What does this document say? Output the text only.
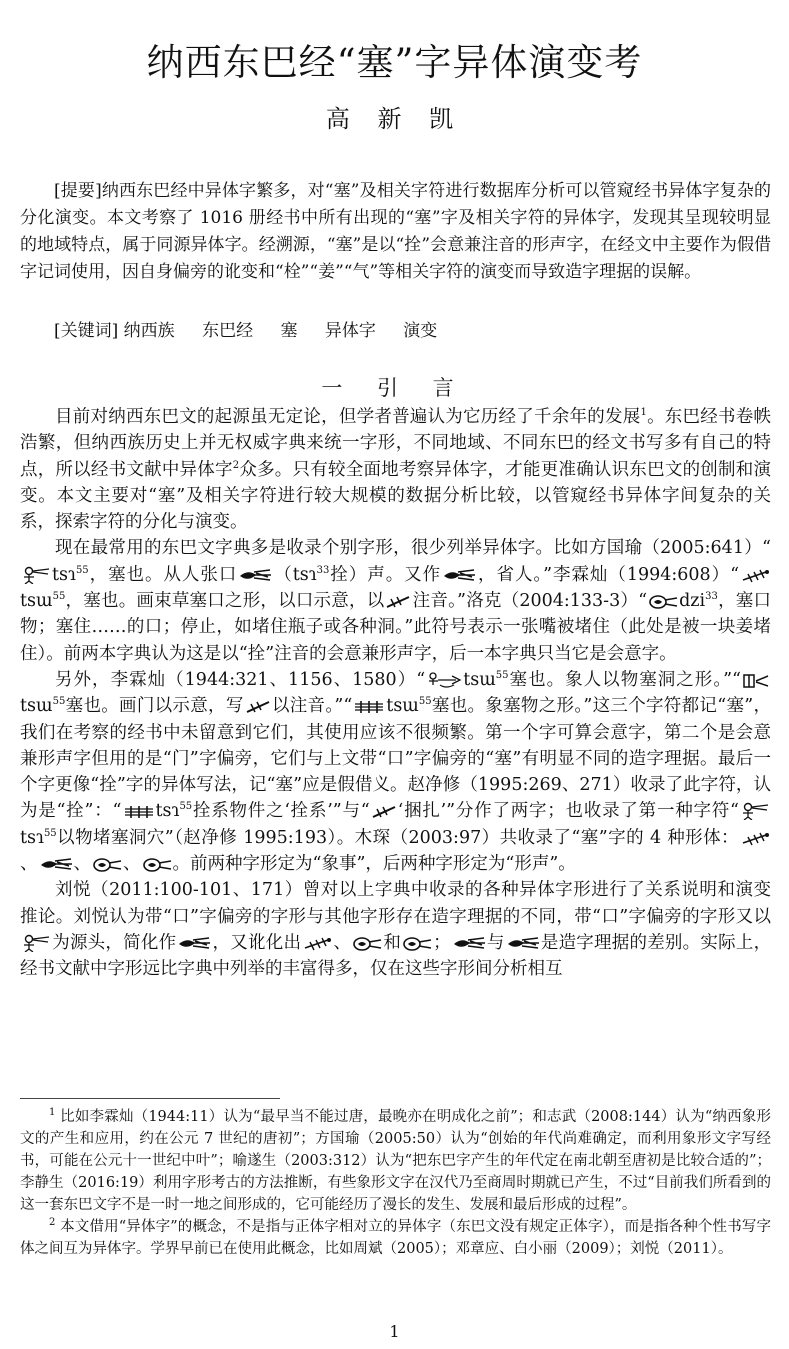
纳西东巴经“塞”字异体演变考
高 新 凯
[提要]纳西东巴经中异体字繁多，对“塞”及相关字符进行数据库分析可以管窥经书异体字复杂的分化演变。本文考察了 1016 册经书中所有出现的“塞”字及相关字符的异体字，发现其呈现较明显的地域特点，属于同源异体字。经溯源，“塞”是以“拴”会意兼注音的形声字，在经文中主要作为假借字记词使用，因自身偏旁的讹变和“栓”“姜”“气”等相关字符的演变而导致造字理据的误解。
[关键词] 纳西族 东巴经 塞 异体字 演变
一 引 言

目前对纳西东巴文的起源虽无定论，但学者普遍认为它历经了千余年的发展$^1$。东巴经书卷帙浩繁，但纳西族历史上并无权威字典来统一字形，不同地域、不同东巴的经文书写多有自己的特点，所以经书文献中异体字$^2$众多。只有较全面地考察异体字，才能更准确认识东巴文的创制和演变。本文主要对“塞”及相关字符进行较大规模的数据分析比较，以管窥经书异体字间复杂的关系，探索字符的分化与演变。

现在最常用的东巴文字典多是收录个别字形，很少列举异体字。比如方国瑜（2005:641）“
tsɿ$^{55}$，塞也。从人张口 （tsɿ$^{33}$拴）声。又作 ，省人。”李霖灿（1994:608）“
tsɯ$^{55}$，塞也。画束草塞口之形，以口示意，以 注音。”洛克（2004:133-3）“ dzi$^{33}$，塞口物；塞住……的口；停止，如堵住瓶子或各种洞。”此符号表示一张嘴被堵住（此处是被一块姜堵住）。前两本字典认为这是以“拴”注音的会意兼形声字，后一本字典只当它是会意字。

另外，李霖灿（1944:321、1156、1580）“ tsɯ$^{55}$塞也。象人以物塞洞之形。”“
tsɯ$^{55}$塞也。画门以示意，写 以注音。”“ tsɯ$^{55}$塞也。象塞物之形。”这三个字符都记“塞”，我们在考察的经书中未留意到它们，其使用应该不很频繁。第一个字可算会意字，第二个是会意兼形声字但用的是“门”字偏旁，它们与上文带“口”字偏旁的“塞”有明显不同的造字理据。最后一个字更像“拴”字的异体写法，记“塞”应是假借义。赵净修（1995:269、271）收录了此字符，认为是“拴”：“ tsɿ$^{55}$拴系物件之‘拴系’”与“ ‘捆扎’”分作了两字；也收录了第一种字符“
tsɿ$^{55}$以物堵塞洞穴”（赵净修 1995:193）。木琛（2003:97）共收录了“塞”字的 4 种形体：
、 、 、 。前两种字形定为“象事”，后两种字形定为“形声”。

刘悦（2011:100-101、171）曾对以上字典中收录的各种异体字形进行了关系说明和演变推论。刘悦认为带“口”字偏旁的字形与其他字形存在造字理据的不同，带“口”字偏旁的字形又以
为源头，简化作 ，又讹化出 、 和 ； 与 是造字理据的差别。实际上，经书文献中字形远比字典中列举的丰富得多，仅在这些字形间分析相互

$^1$ 比如李霖灿（1944:11）认为“最早当不能过唐，最晚亦在明成化之前”；和志武（2008:144）认为“纳西象形文的产生和应用，约在公元 7 世纪的唐初”；方国瑜（2005:50）认为“创始的年代尚难确定，而利用象形文字写经书，可能在公元十一世纪中叶”；喻遂生（2003:312）认为“把东巴字产生的年代定在南北朝至唐初是比较合适的”；李静生（2016:19）利用字形考古的方法推断，有些象形文字在汉代乃至商周时期就已产生，不过“目前我们所看到的这一套东巴文字不是一时一地之间形成的，它可能经历了漫长的发生、发展和最后形成的过程”。

$^2$ 本文借用“异体字”的概念，不是指与正体字相对立的异体字（东巴文没有规定正体字），而是指各种个性书写字体之间互为异体字。学界早前已在使用此概念，比如周斌（2005）；邓章应、白小丽（2009）；刘悦（2011）。

1
